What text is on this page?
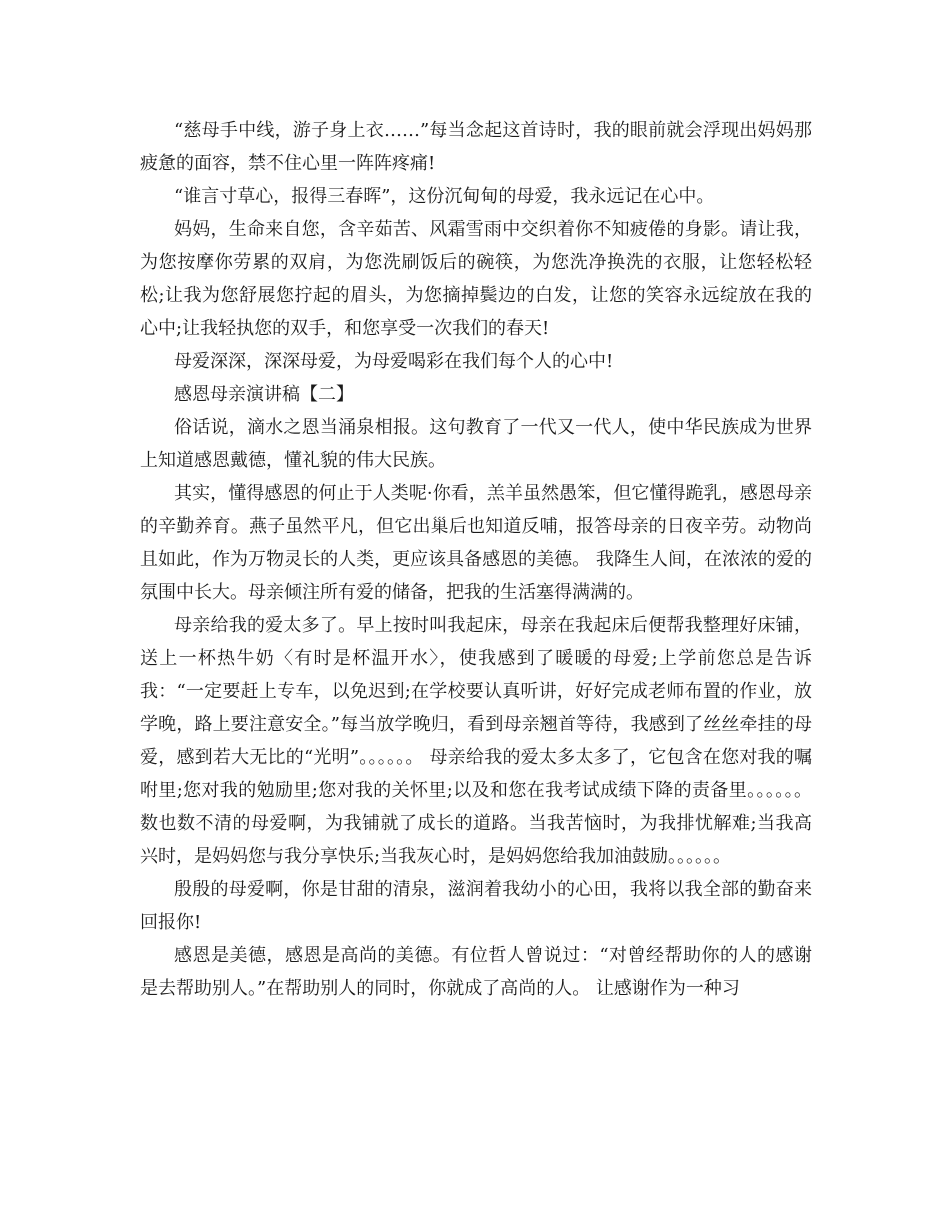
“慈母手中线，游子身上衣……”每当念起这首诗时，我的眼前就会浮现出妈妈那疲惫的面容，禁不住心里一阵阵疼痛!

“谁言寸草心，报得三春晖”，这份沉甸甸的母爱，我永远记在心中。

妈妈，生命来自您，含辛茹苦、风霜雪雨中交织着你不知疲倦的身影。请让我，为您按摩你劳累的双肩，为您洗刷饭后的碗筷，为您洗净换洗的衣服，让您轻松轻松;让我为您舒展您拧起的眉头，为您摘掉鬓边的白发，让您的笑容永远绽放在我的心中;让我轻执您的双手，和您享受一次我们的春天!

母爱深深，深深母爱，为母爱喝彩在我们每个人的心中!

感恩母亲演讲稿【二】

俗话说，滴水之恩当涌泉相报。这句教育了一代又一代人，使中华民族成为世界上知道感恩戴德，懂礼貌的伟大民族。

其实，懂得感恩的何止于人类呢·你看，羔羊虽然愚笨，但它懂得跪乳，感恩母亲的辛勤养育。燕子虽然平凡，但它出巢后也知道反哺，报答母亲的日夜辛劳。动物尚且如此，作为万物灵长的人类，更应该具备感恩的美德。 我降生人间，在浓浓的爱的氛围中长大。母亲倾注所有爱的储备，把我的生活塞得满满的。

母亲给我的爱太多了。早上按时叫我起床，母亲在我起床后便帮我整理好床铺，送上一杯热牛奶〈有时是杯温开水〉，使我感到了暖暖的母爱;上学前您总是告诉我：“一定要赶上专车，以免迟到;在学校要认真听讲，好好完成老师布置的作业，放学晚，路上要注意安全。”每当放学晚归，看到母亲翘首等待，我感到了丝丝牵挂的母爱，感到若大无比的“光明”。。。。。。 母亲给我的爱太多太多了，它包含在您对我的嘱咐里;您对我的勉励里;您对我的关怀里;以及和您在我考试成绩下降的责备里。。。。。。 数也数不清的母爱啊，为我铺就了成长的道路。当我苦恼时，为我排忧解难;当我高兴时，是妈妈您与我分享快乐;当我灰心时，是妈妈您给我加油鼓励。。。。。。

殷殷的母爱啊，你是甘甜的清泉，滋润着我幼小的心田，我将以我全部的勤奋来回报你!

感恩是美德，感恩是高尚的美德。有位哲人曾说过：“对曾经帮助你的人的感谢是去帮助别人。”在帮助别人的同时，你就成了高尚的人。 让感谢作为一种习
